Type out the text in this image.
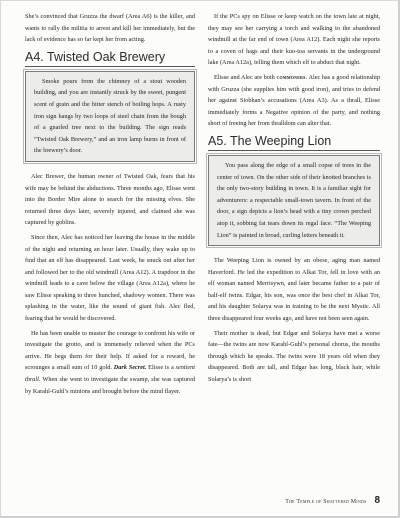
She’s convinced that Gruzza the dwarf (Area A6) is the killer, and wants to rally the militia to arrest and kill her immediately, but the lack of evidence has so far kept her from acting.

A4. Twisted Oak Brewery
Smoke pours from the chimney of a stout wooden building, and you are instantly struck by the sweet, pungent scent of grain and the bitter stench of boiling hops. A rusty iron sign hangs by two loops of steel chain from the bough of a gnarled tree next to the building. The sign reads “Twisted Oak Brewery,” and an iron lamp burns in front of the brewery’s door.

Alec Brewer, the human owner of Twisted Oak, fears that his wife may be behind the abductions. Three months ago, Elisse went into the Border Mire alone to search for the missing elves. She returned three days later, severely injured, and claimed she was captured by goblins.

Since then, Alec has noticed her leaving the house in the middle of the night and returning an hour later. Usually, they wake up to find that an elf has disappeared. Last week, he snuck out after her and followed her to the old windmill (Area A12). A trapdoor in the windmill leads to a cave below the village (Area A12a), where he saw Elisse speaking to three hunched, shadowy women. There was splashing in the water, like the sound of giant fish. Alec fled, fearing that he would be discovered.

He has been unable to muster the courage to confront his wife or investigate the grotto, and is immensely relieved when the PCs arrive. He begs them for their help. If asked for a reward, he scrounges a small sum of 10 gold. Dark Secret. Elisse is a sentient thrall. When she went to investigate the swamp, she was captured by Karahl-Guhl’s minions and brought before the mind flayer.

If the PCs spy on Elisse or keep watch on the town late at night, they may see her carrying a torch and walking to the abandoned windmill at the far end of town (Area A12). Each night she reports to a coven of hags and their kuo-toa servants in the underground lake (Area A12a), telling them which elf to abduct that night.

Elisse and Alec are both commoners. Alec has a good relationship with Gruzza (she supplies him with good iron), and tries to defend her against Siobhan’s accusations (Area A3). As a thrall, Elisse immediately forms a Negative opinion of the party, and nothing short of freeing her from thralldom can alter that.

A5. The Weeping Lion
You pass along the edge of a small copse of trees in the center of town. On the other side of their knotted branches is the only two-story building in town. It is a familiar sight for adventurers: a respectable small-town tavern. In front of the door, a sign depicts a lion’s head with a tiny crown perched atop it, sobbing fat tears down its regal face. “The Weeping Lion” is painted in broad, curling letters beneath it.

The Weeping Lion is owned by an obese, aging man named Haverford. He led the expedition to Alkai Tor, fell in love with an elf woman named Merrisywn, and later became father to a pair of half-elf twins. Edgar, his son, was once the best chef in Alkai Tor, and his daughter Solarya was in training to be the next Mystic. All three disappeared four weeks ago, and have not been seen again.

Their mother is dead, but Edgar and Solarya have met a worse fate—the twins are now Karahl-Guhl’s personal chorus, the mouths through which he speaks. The twins were 18 years old when they disappeared. Both are tall, and Edgar has long, black hair, while Solarya’s is short

The Temple of Shattered Minds 8
